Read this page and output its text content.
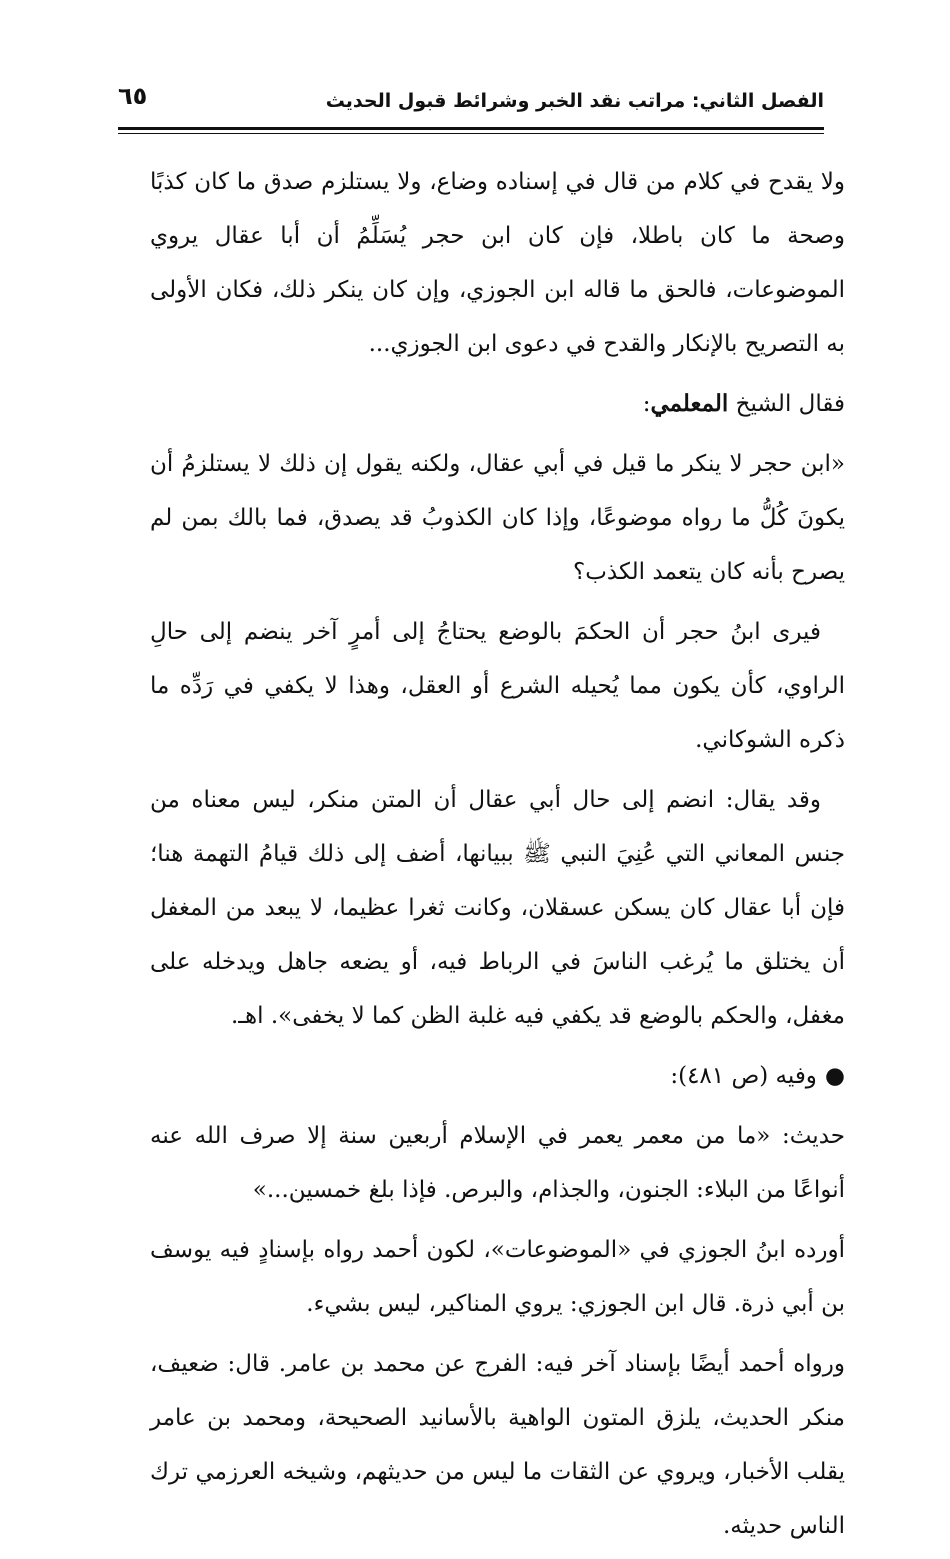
الفصل الثاني: مراتب نقد الخبر وشرائط قبول الحديث
٦٥

ولا يقدح في كلام من قال في إسناده وضاع، ولا يستلزم صدق ما كان كذبًا وصحة ما كان باطلا، فإن كان ابن حجر يُسَلِّمُ أن أبا عقال يروي الموضوعات، فالحق ما قاله ابن الجوزي، وإن كان ينكر ذلك، فكان الأولى به التصريح بالإنكار والقدح في دعوى ابن الجوزي...

فقال الشيخ المعلمي:

«ابن حجر لا ينكر ما قيل في أبي عقال، ولكنه يقول إن ذلك لا يستلزمُ أن يكونَ كُلُّ ما رواه موضوعًا، وإذا كان الكذوبُ قد يصدق، فما بالك بمن لم يصرح بأنه كان يتعمد الكذب؟

فيرى ابنُ حجر أن الحكمَ بالوضع يحتاجُ إلى أمرٍ آخر ينضم إلى حالِ الراوي، كأن يكون مما يُحيله الشرع أو العقل، وهذا لا يكفي في رَدِّه ما ذكره الشوكاني.

وقد يقال: انضم إلى حال أبي عقال أن المتن منكر، ليس معناه من جنس المعاني التي عُنِيَ النبي ﷺ ببيانها، أضف إلى ذلك قيامُ التهمة هنا؛ فإن أبا عقال كان يسكن عسقلان، وكانت ثغرا عظيما، لا يبعد من المغفل أن يختلق ما يُرغب الناسَ في الرباط فيه، أو يضعه جاهل ويدخله على مغفل، والحكم بالوضع قد يكفي فيه غلبة الظن كما لا يخفى». اهـ.

●وفيه (ص ٤٨١):

حديث: «ما من معمر يعمر في الإسلام أربعين سنة إلا صرف الله عنه أنواعًا من البلاء: الجنون، والجذام، والبرص. فإذا بلغ خمسين...»

أورده ابنُ الجوزي في «الموضوعات»، لكون أحمد رواه بإسنادٍ فيه يوسف بن أبي ذرة. قال ابن الجوزي: يروي المناكير، ليس بشيء.

ورواه أحمد أيضًا بإسناد آخر فيه: الفرج عن محمد بن عامر. قال: ضعيف، منكر الحديث، يلزق المتون الواهية بالأسانيد الصحيحة، ومحمد بن عامر يقلب الأخبار، ويروي عن الثقات ما ليس من حديثهم، وشيخه العرزمي ترك الناس حديثه.
